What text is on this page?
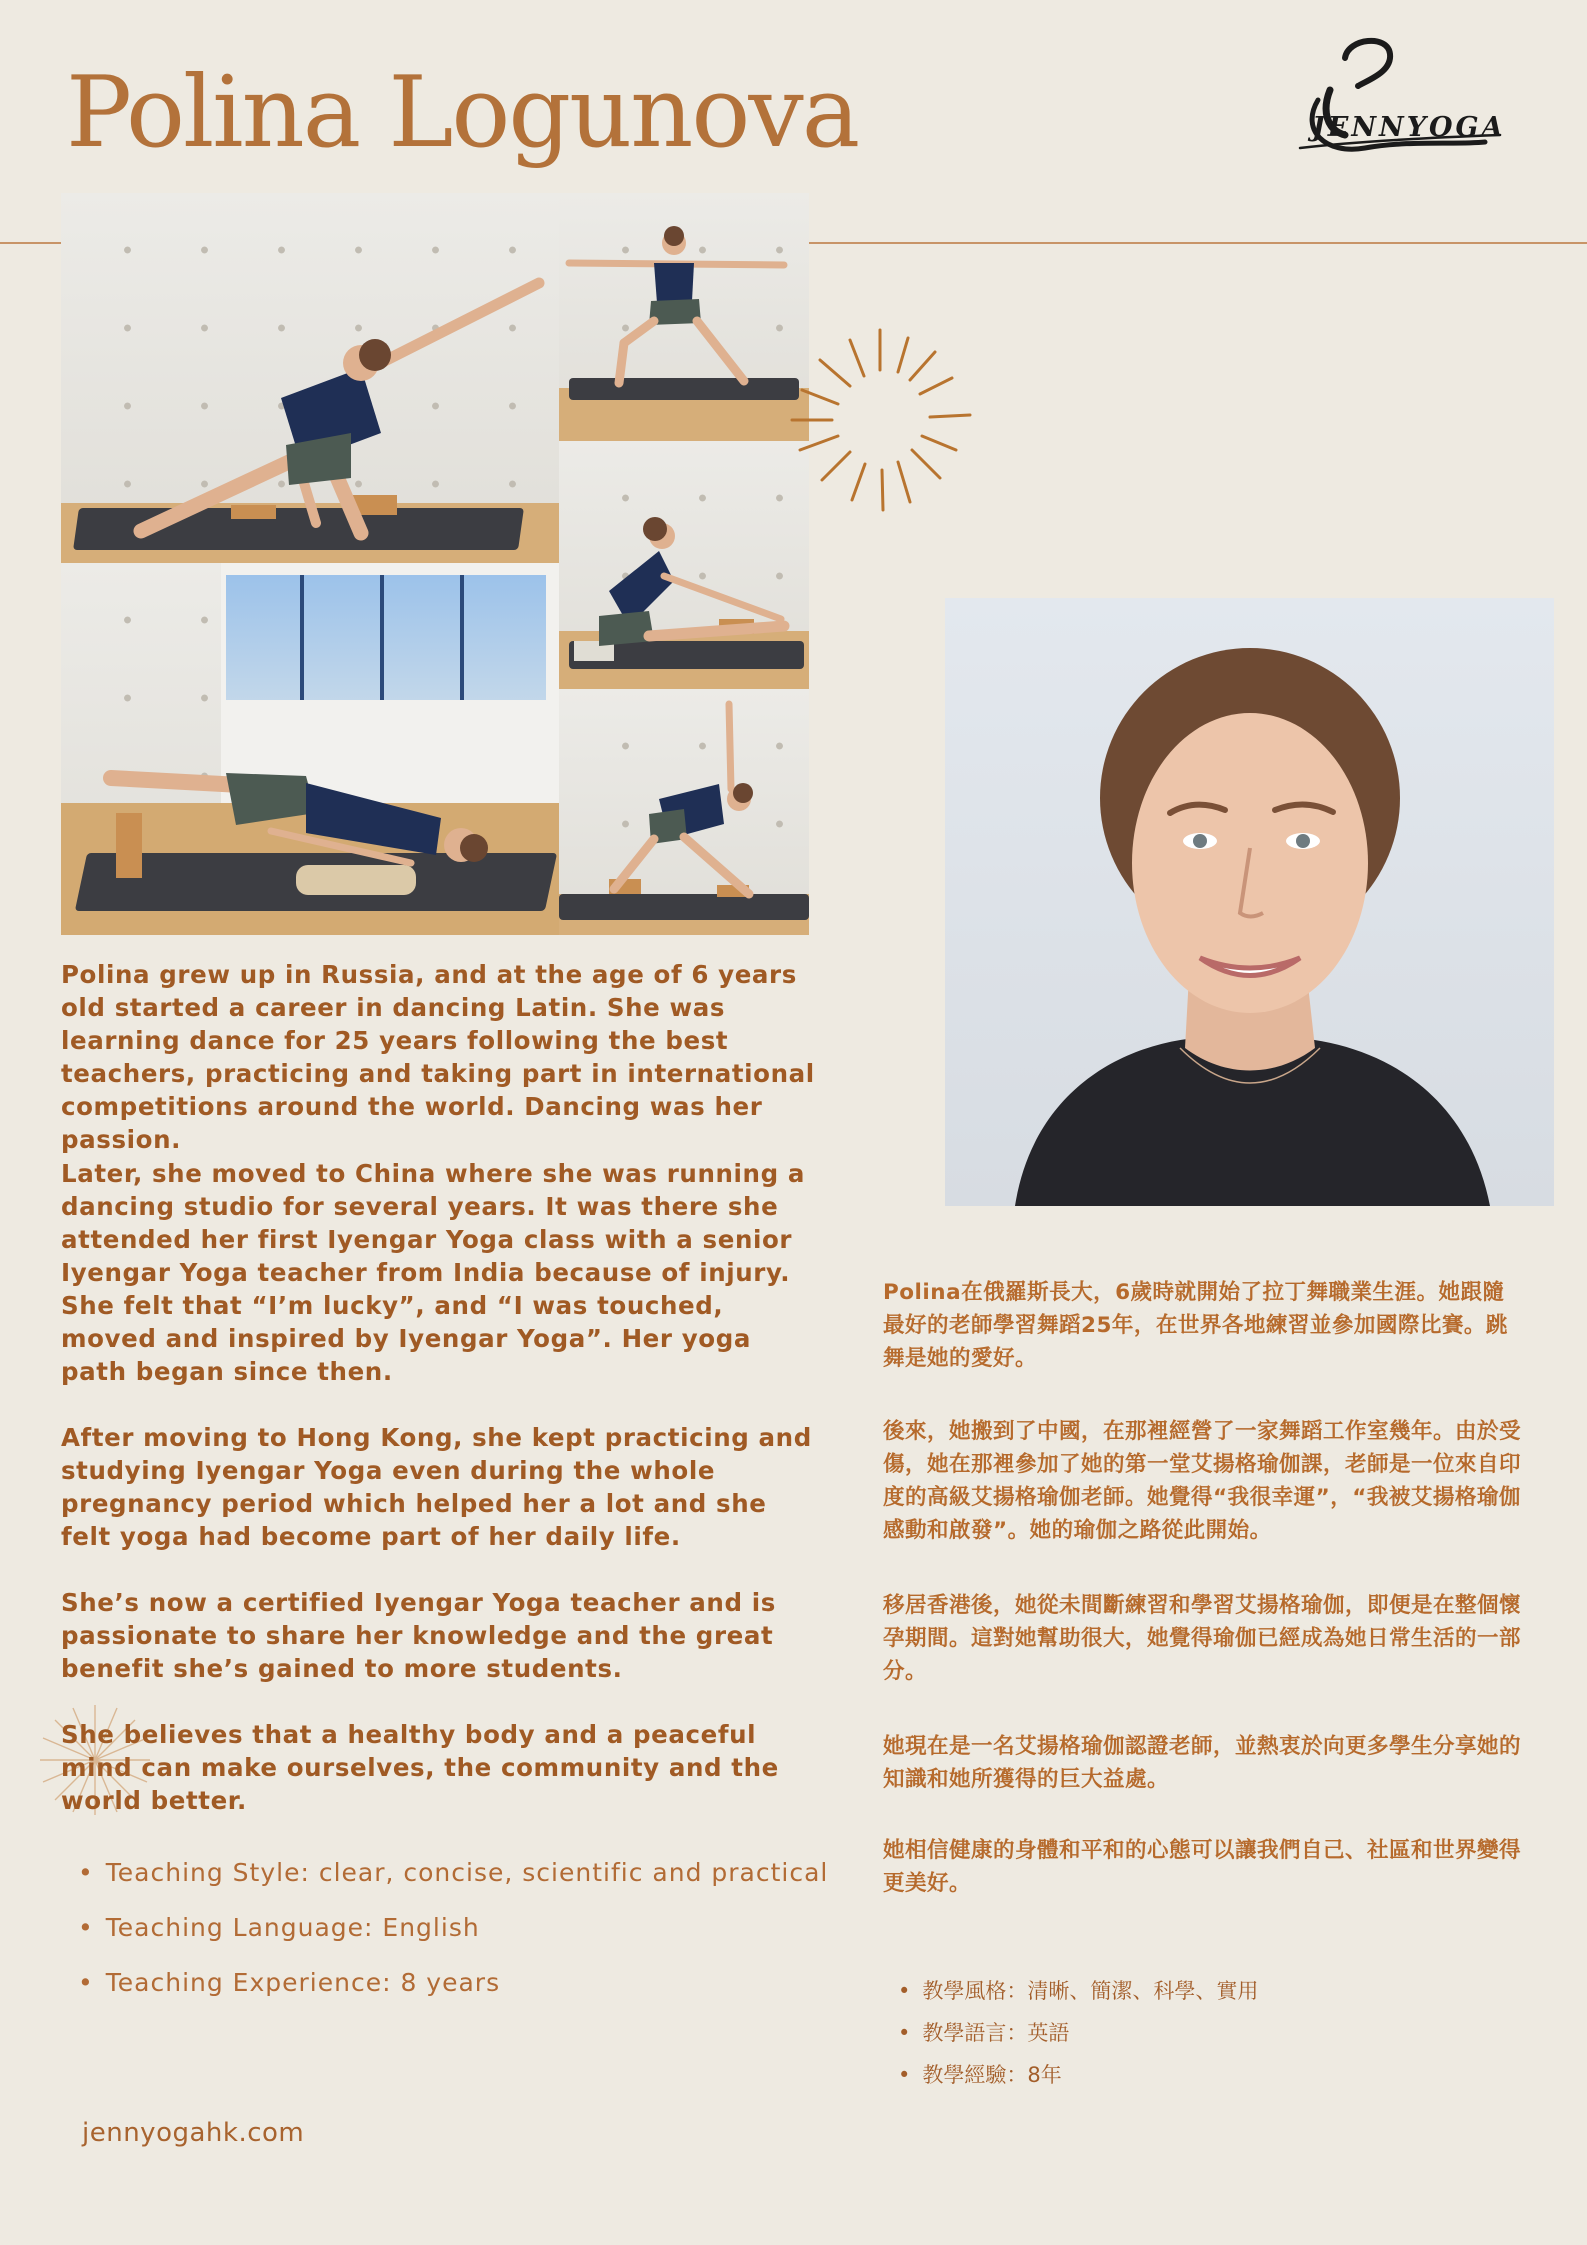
Polina Logunova	JENNYOGA
Polina grew up in Russia, and at the age of 6 years old started a career in dancing Latin. She was learning dance for 25 years following the best teachers, practicing and taking part in international competitions around the world. Dancing was her passion.
Later, she moved to China where she was running a dancing studio for several years. It was there she attended her first Iyengar Yoga class with a senior Iyengar Yoga teacher from India because of injury. She felt that “I’m lucky”, and “I was touched, moved and inspired by Iyengar Yoga”. Her yoga path began since then.
After moving to Hong Kong, she kept practicing and studying Iyengar Yoga even during the whole pregnancy period which helped her a lot and she felt yoga had become part of her daily life.
She’s now a certified Iyengar Yoga teacher and is passionate to share her knowledge and the great benefit she’s gained to more students.
She believes that a healthy body and a peaceful mind can make ourselves, the community and the world better.
• Teaching Style: clear, concise, scientific and practical
• Teaching Language: English
• Teaching Experience: 8 years
Polina在俄羅斯長大，6歲時就開始了拉丁舞職業生涯。她跟隨最好的老師學習舞蹈25年，在世界各地練習並參加國際比賽。跳舞是她的愛好。
後來，她搬到了中國，在那裡經營了一家舞蹈工作室幾年。由於受傷，她在那裡參加了她的第一堂艾揚格瑜伽課，老師是一位來自印度的高級艾揚格瑜伽老師。她覺得“我很幸運”，“我被艾揚格瑜伽感動和啟發”。她的瑜伽之路從此開始。
移居香港後，她從未間斷練習和學習艾揚格瑜伽，即便是在整個懷孕期間。這對她幫助很大，她覺得瑜伽已經成為她日常生活的一部分。
她現在是一名艾揚格瑜伽認證老師，並熱衷於向更多學生分享她的知識和她所獲得的巨大益處。
她相信健康的身體和平和的心態可以讓我們自己、社區和世界變得更美好。
• 教學風格：清晰、簡潔、科學、實用
• 教學語言：英語
• 教學經驗：8年
jennyogahk.com
